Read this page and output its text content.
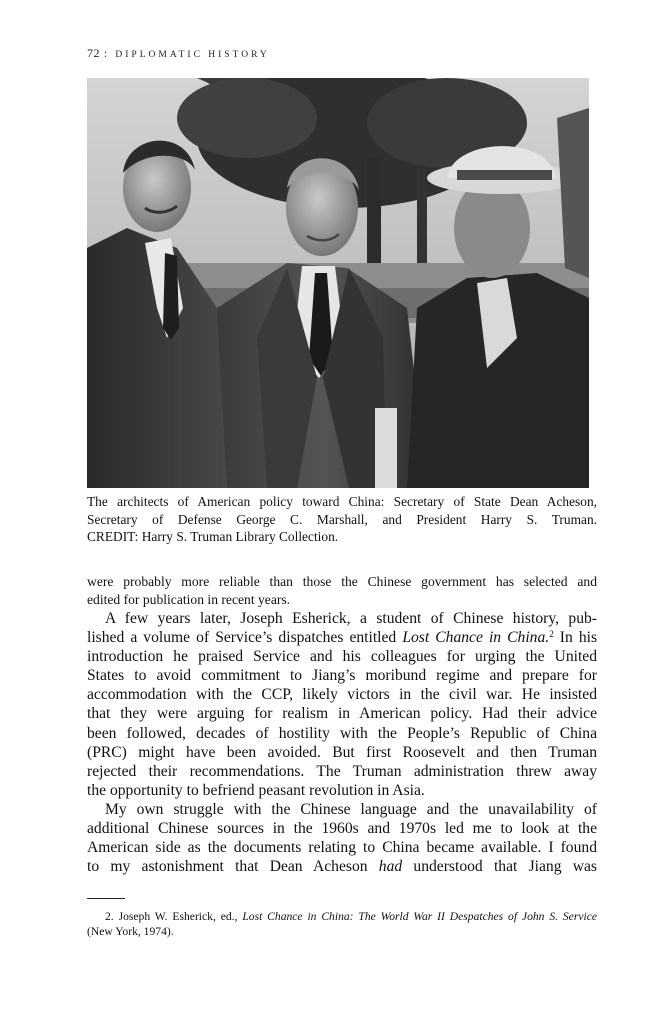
72 : DIPLOMATIC HISTORY
The architects of American policy toward China: Secretary of State Dean Acheson,
Secretary of Defense George C. Marshall, and President Harry S. Truman.
CREDIT: Harry S. Truman Library Collection.
were probably more reliable than those the Chinese government has selected and
edited for publication in recent years.
A few years later, Joseph Esherick, a student of Chinese history, pub-
lished a volume of Service’s dispatches entitled Lost Chance in China.$^2$ In his
introduction he praised Service and his colleagues for urging the United
States to avoid commitment to Jiang’s moribund regime and prepare for
accommodation with the CCP, likely victors in the civil war. He insisted
that they were arguing for realism in American policy. Had their advice
been followed, decades of hostility with the People’s Republic of China
(PRC) might have been avoided. But first Roosevelt and then Truman
rejected their recommendations. The Truman administration threw away
the opportunity to befriend peasant revolution in Asia.
My own struggle with the Chinese language and the unavailability of
additional Chinese sources in the 1960s and 1970s led me to look at the
American side as the documents relating to China became available. I found
to my astonishment that Dean Acheson had understood that Jiang was
2. Joseph W. Esherick, ed., Lost Chance in China: The World War II Despatches of John S. Service
(New York, 1974).
